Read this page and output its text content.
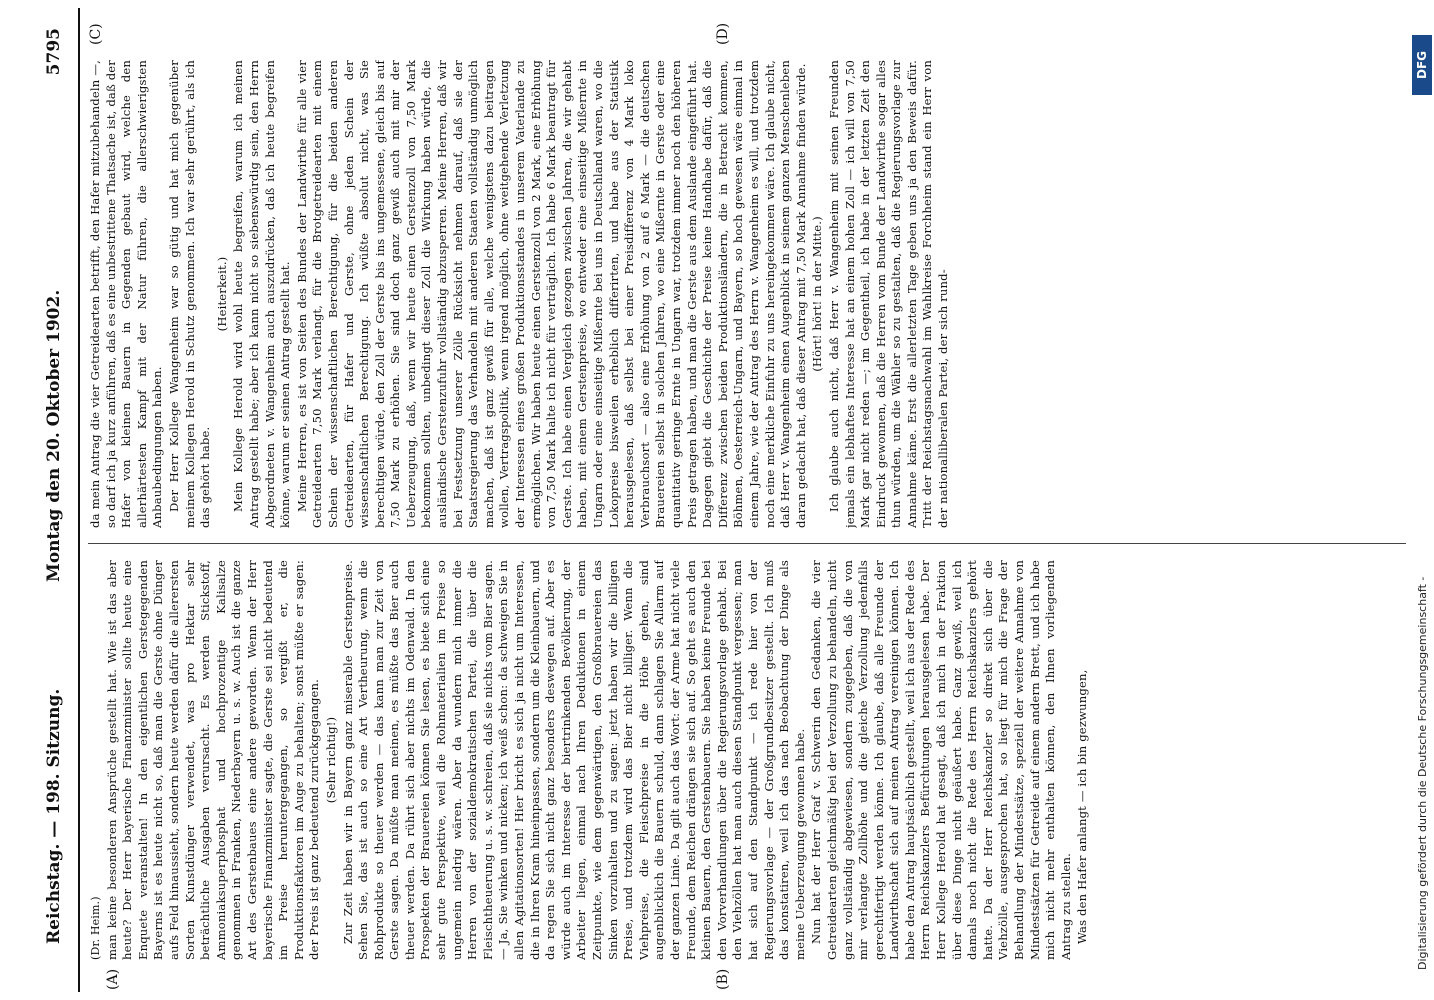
Reichstag. — 198. Sitzung.
Montag den 20. Oktober 1902.
5795
(A)	(B)
(C)	(D)

(Dr. Heim.) man keine besonderen Ansprüche gestellt hat. Wie ist das aber heute? Der Herr bayerische Finanzminister sollte heute eine Enquete veranstalten! In den eigentlichen Gerstegegenden Bayerns ist es heute nicht so, daß man die Gerste ohne Dünger aufs Feld hinaussieht, sondern heute werden dafür die allerersten Sorten Kunstdünger verwendet, was pro Hektar sehr beträchtliche Ausgaben verursacht. Es werden Stickstoff, Ammoniaksuperphosphat und hochprozentige Kalisalze genommen in Franken, Niederbayern u. s. w. Auch ist die ganze Art des Gerstenbaues eine andere geworden. Wenn der Herr bayerische Finanzminister sagte, die Gerste sei nicht bedeutend im Preise heruntergegangen, so vergißt er, die Produktionsfaktoren im Auge zu behalten; sonst müßte er sagen: der Preis ist ganz bedeutend zurückgegangen. (Sehr richtig!) Zur Zeit haben wir in Bayern ganz miserable Gerstenpreise. Sehen Sie, das ist auch so eine Art Vertheurung, wenn die Rohprodukte so theuer werden — das kann man zur Zeit von Gerste sagen. Da müßte man meinen, es müßte das Bier auch theuer werden. Da rührt sich aber nichts im Odenwald. In den Prospekten der Brauereien können Sie lesen, es biete sich eine sehr gute Perspektive, weil die Rohmaterialien im Preise so ungemein niedrig wären. Aber da wundern mich immer die Herren von der sozialdemokratischen Partei, die über die Fleischtheuerung u. s. w. schreien, daß sie nichts vom Bier sagen. — Ja, Sie winken und nicken; ich weiß schon: da schweigen Sie in allen Agitationsorten! Hier bricht es sich ja nicht um Interessen, die in Ihren Kram hineinpassen, sondern um die Kleinbauern, und da regen Sie sich nicht ganz besonders deswegen auf. Aber es würde auch im Interesse der biertrinkenden Bevölkerung, der Arbeiter liegen, einmal nach Ihren Deduktionen in einem Zeitpunkte, wie dem gegenwärtigen, den Großbrauereien das Sinken vorzuhalten und zu sagen: jetzt haben wir die billigen Preise, und trotzdem wird das Bier nicht billiger. Wenn die Viehpreise, die Fleischpreise in die Höhe gehen, sind augenblicklich die Bauern schuld, dann schlagen Sie Allarm auf der ganzen Linie. Da gilt auch das Wort: der Arme hat nicht viele Freunde, dem Reichen drängen sie sich auf. So geht es auch den kleinen Bauern, den Gerstenbauern. Sie haben keine Freunde bei den Vorverhandlungen über die Regierungsvorlage gehabt. Bei den Viehzöllen hat man auch diesen Standpunkt vergessen; man hat sich auf den Standpunkt — ich rede hier von der Regierungsvorlage — der Großgrundbesitzer gestellt. Ich muß das konstatiren, weil ich das nach Beobachtung der Dinge als meine Ueberzeugung gewonnen habe. Nun hat der Herr Graf v. Schwerin den Gedanken, die vier Getreidearten gleichmäßig bei der Verzollung zu behandeln, nicht ganz vollständig abgewiesen, sondern zugegeben, daß die von mir verlangte Zollhöhe und die gleiche Verzollung jedenfalls gerechtfertigt werden könne. Ich glaube, daß alle Freunde der Landwirthschaft sich auf meinen Antrag vereinigen können. Ich habe den Antrag hauptsächlich gestellt, weil ich aus der Rede des Herrn Reichskanzlers Befürchtungen herausgelesen habe. Der Herr Kollege Herold hat gesagt, daß ich mich in der Fraktion über diese Dinge nicht geäußert habe. Ganz gewiß, weil ich damals noch nicht die Rede des Herrn Reichskanzlers gehört hatte. Da der Herr Reichskanzler so direkt sich über die Viehzölle, ausgesprochen hat, so liegt für mich die Frage der Behandlung der Mindestsätze, speziell der weitere Annahme von Mindestsätzen für Getreide auf einem andern Brett, und ich habe mich nicht mehr enthalten können, den Ihnen vorliegenden Antrag zu stellen. Was den Hafer anlangt — ich bin gezwungen,

da mein Antrag die vier Getreidearten betrifft, den Hafer mitzubehandeln —, so darf ich ja kurz anführen, daß es eine unbestrittene Thatsache ist, daß der Hafer von kleinen Bauern in Gegenden gebaut wird, welche den allerhärtesten Kampf mit der Natur führen, die allerschwierigsten Anbaubedingungen haben. Der Herr Kollege Wangenheim war so gütig und hat mich gegenüber meinem Kollegen Herold in Schutz genommen. Ich war sehr gerührt, als ich das gehört habe.

(Heiterkeit.) Mein Kollege Herold wird wohl heute begreifen, warum ich meinen Antrag gestellt habe; aber ich kann nicht so siebenswürdig sein, den Herrn Abgeordneten v. Wangenheim auch auszudrücken, daß ich heute begreifen könne, warum er seinen Antrag gestellt hat. Meine Herren, es ist von Seiten des Bundes der Landwirthe für alle vier Getreidearten 7,50 Mark verlangt, für die Brotgetreidearten mit einem Schein der wissenschaftlichen Berechtigung, für die beiden anderen Getreidearten, für Hafer und Gerste, ohne jeden Schein der wissenschaftlichen Berechtigung. Ich wüßte absolut nicht, was Sie berechtigen würde, den Zoll der Gerste bis ins ungemessene, gleich bis auf 7,50 Mark zu erhöhen. Sie sind doch ganz gewiß auch mit mir der Ueberzeugung, daß, wenn wir heute einen Gerstenzoll von 7,50 Mark bekommen sollten, unbedingt dieser Zoll die Wirkung haben würde, die ausländische Gerstenzufuhr vollständig abzusperren. Meine Herren, daß wir bei Festsetzung unserer Zölle Rücksicht nehmen darauf, daß sie der Staatsregierung das Verhandeln mit anderen Staaten vollständig unmöglich machen, daß ist ganz gewiß für alle, welche wenigstens dazu beitragen wollen, Vertragspolitik, wenn irgend möglich, ohne weitgehende Verletzung der Interessen eines großen Produktionsstandes in unserem Vaterlande zu ermöglichen. Wir haben heute einen Gerstenzoll von 2 Mark, eine Erhöhung von 7,50 Mark halte ich nicht für verträglich. Ich habe 6 Mark beantragt für Gerste. Ich habe einen Vergleich gezogen zwischen Jahren, die wir gehabt haben, mit einem Gerstenpreise, wo entweder eine einseitige Mißernte in Ungarn oder eine einseitige Mißernte bei uns in Deutschland waren, wo die Lokopreise bisweilen erheblich differirten, und habe aus der Statistik herausgelesen, daß selbst bei einer Preisdifferenz von 4 Mark loko Verbrauchsort — also eine Erhöhung von 2 auf 6 Mark — die deutschen Brauereien selbst in solchen Jahren, wo eine Mißernte in Gerste oder eine quantitativ geringe Ernte in Ungarn war, trotzdem immer noch den höheren Preis getragen haben, und man die Gerste aus dem Auslande eingeführt hat. Dagegen giebt die Geschichte der Preise keine Handhabe dafür, daß die Differenz zwischen beiden Produktionsländern, die in Betracht kommen, Böhmen, Oesterreich-Ungarn, und Bayern, so hoch gewesen wäre einmal in einem Jahre, wie der Antrag des Herrn v. Wangenheim es will, und trotzdem noch eine merkliche Einfuhr zu uns hereingekommen wäre. Ich glaube nicht, daß Herr v. Wangenheim einen Augenblick in seinem ganzen Menschenleben daran gedacht hat, daß dieser Antrag mit 7,50 Mark Annahme finden würde. (Hört! hört! in der Mitte.) Ich glaube auch nicht, daß Herr v. Wangenheim mit seinen Freunden jemals ein lebhaftes Interesse hat an einem hohen Zoll — ich will von 7,50 Mark gar nicht reden —; im Gegentheil, ich habe in der letzten Zeit den Eindruck gewonnen, daß die Herren vom Bunde der Landwirthe sogar alles thun würden, um die Wähler so zu gestalten, daß die Regierungsvorlage zur Annahme käme. Erst die allerletzten Tage geben uns ja den Beweis dafür. Tritt der Reichstagsnachwahl im Wahlkreise Forchheim stand ein Herr von der nationalliberalen Partei, der sich rund-

Digitalisierung gefördert durch die Deutsche Forschungsgemeinschaft -
DFG
